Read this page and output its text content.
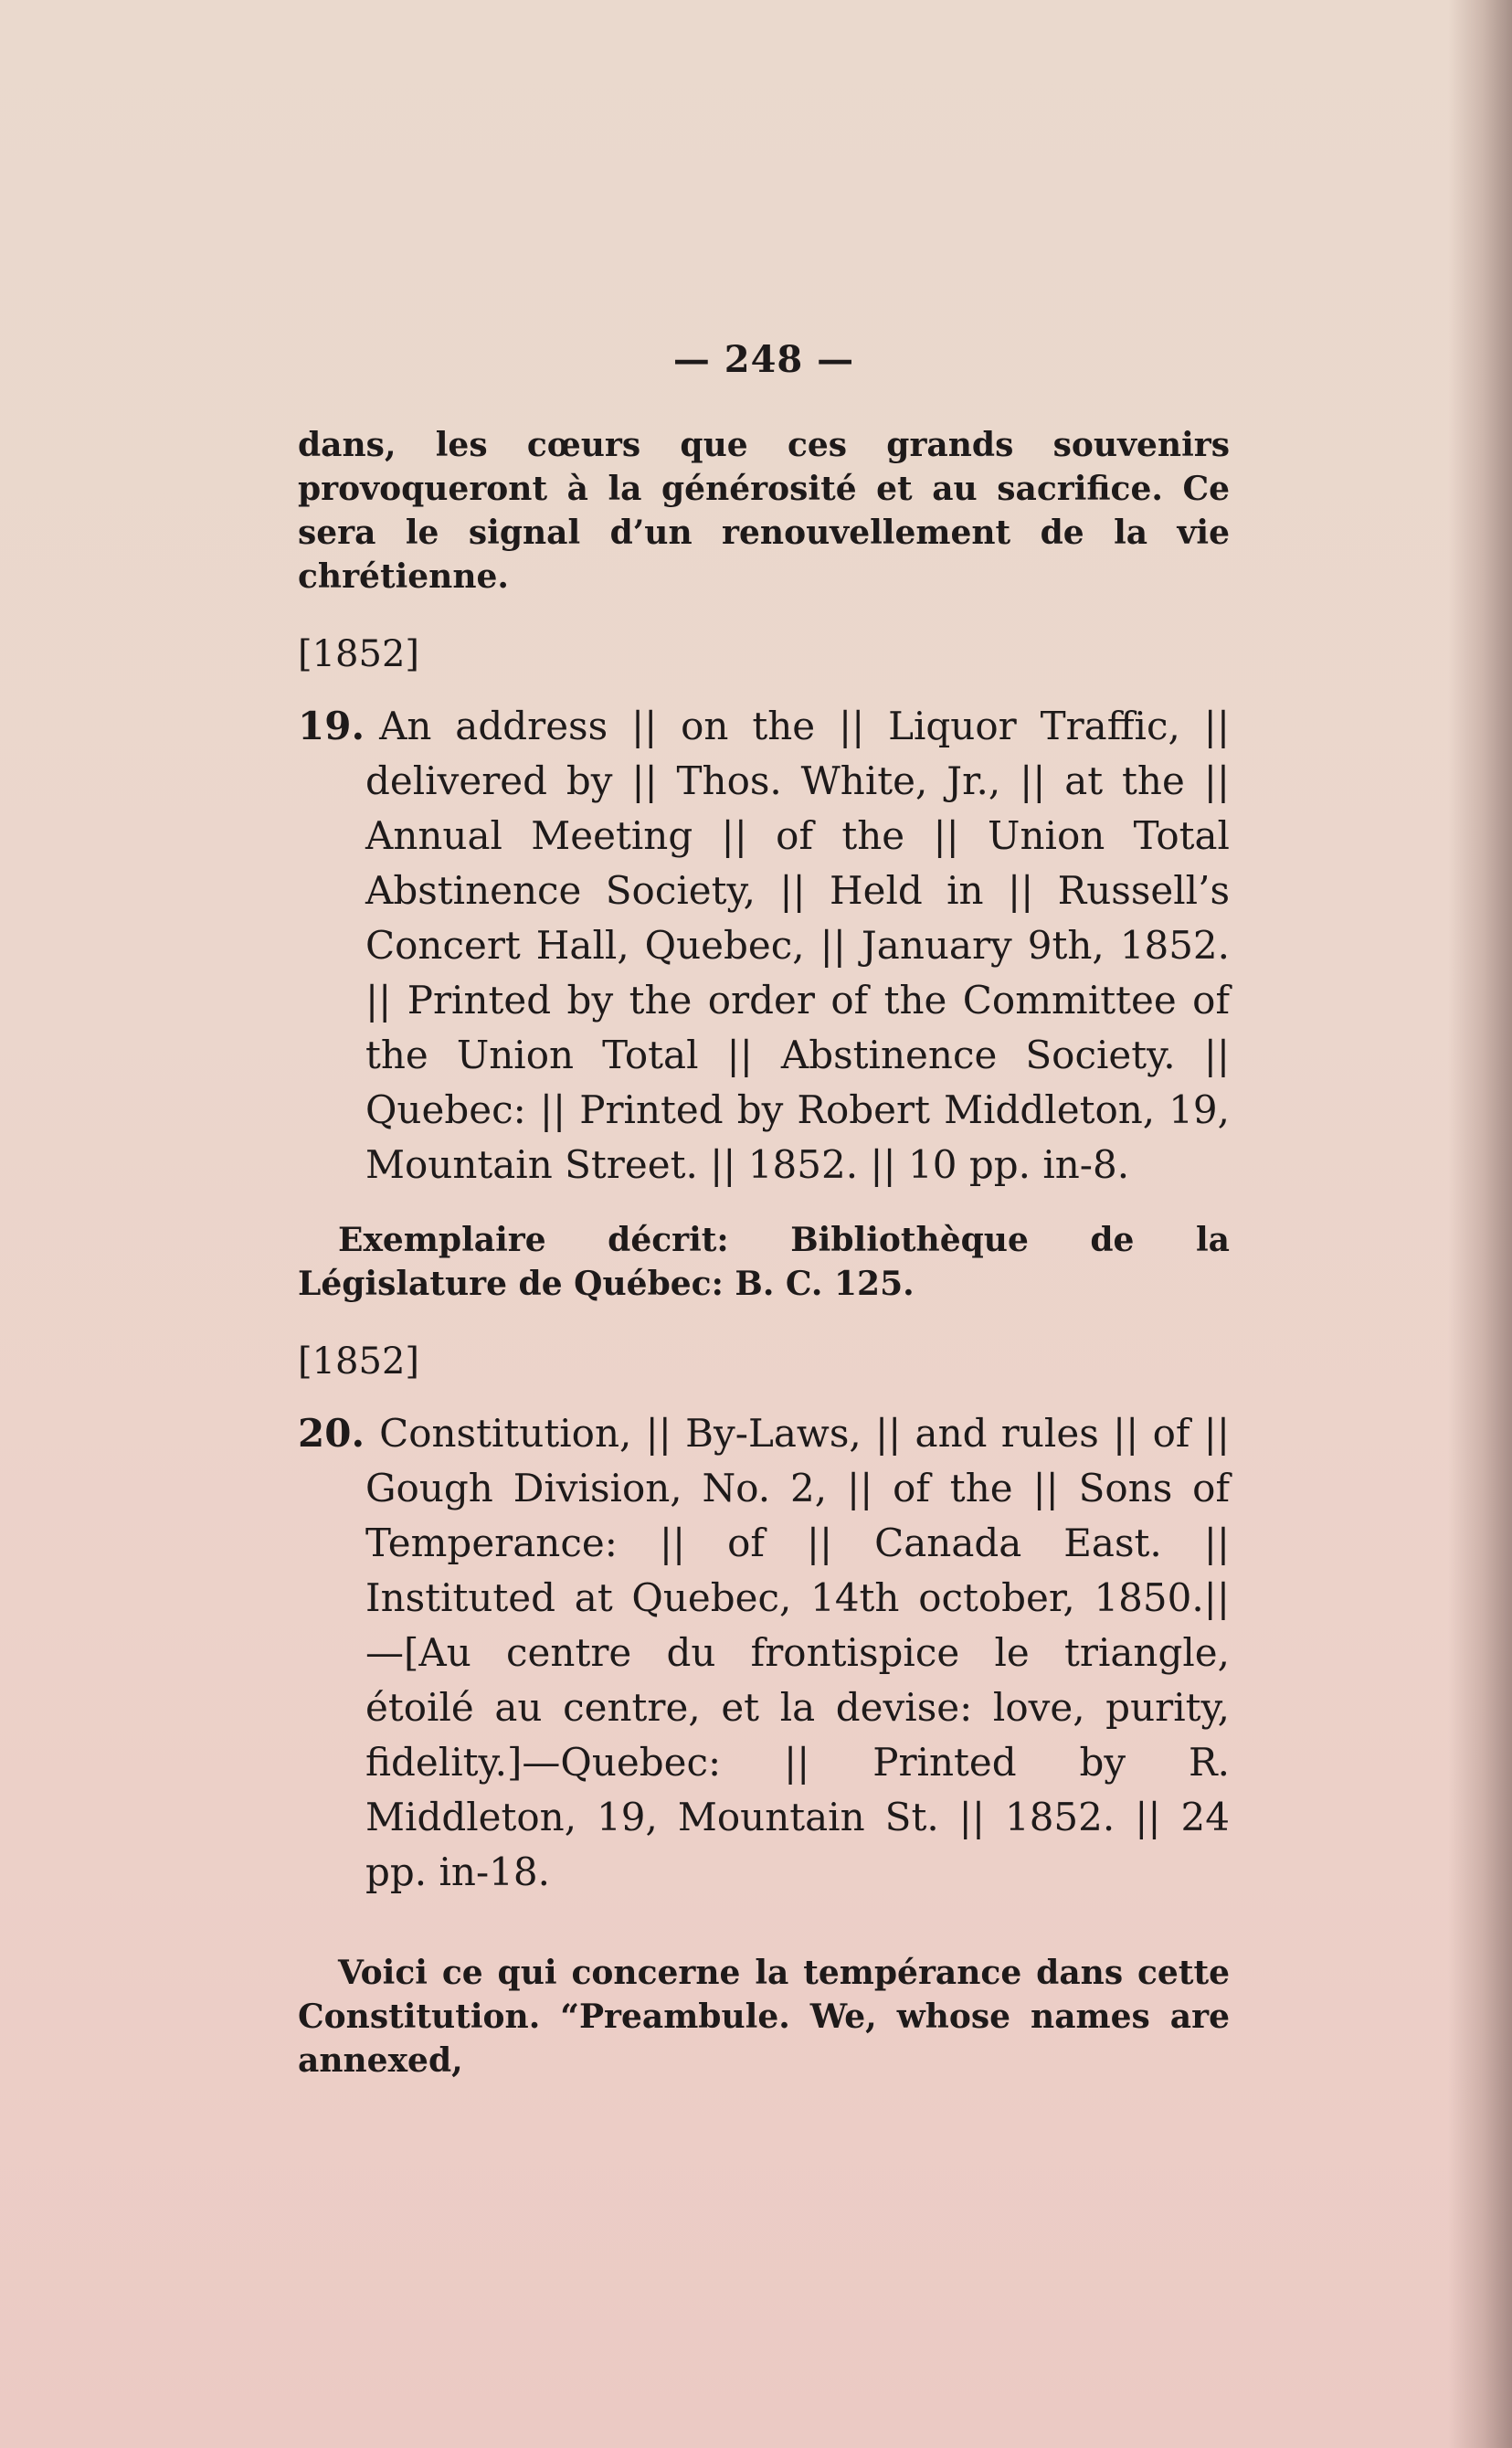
— 248 —

dans, les cœurs que ces grands souvenirs provoqueront à la générosité et au sacrifice. Ce sera le signal d’un renouvellement de la vie chrétienne.

[1852]

19. An address || on the || Liquor Traffic, || delivered by || Thos. White, Jr., || at the || Annual Meeting || of the || Union Total Abstinence Society, || Held in || Russell’s Concert Hall, Quebec, || January 9th, 1852. || Printed by the order of the Committee of the Union Total || Abstinence Society. || Quebec: || Printed by Robert Middleton, 19, Mountain Street. || 1852. || 10 pp. in-8.

Exemplaire décrit: Bibliothèque de la Législature de Québec: B. C. 125.

[1852]

20. Constitution, || By-Laws, || and rules || of || Gough Division, No. 2, || of the || Sons of Temperance: || of || Canada East. || Instituted at Quebec, 14th october, 1850.|| —[Au centre du frontispice le triangle, étoilé au centre, et la devise: love, purity, fidelity.]—Quebec: || Printed by R. Middleton, 19, Mountain St. || 1852. || 24 pp. in-18.

Voici ce qui concerne la tempérance dans cette Constitution. “Preambule. We, whose names are annexed,
